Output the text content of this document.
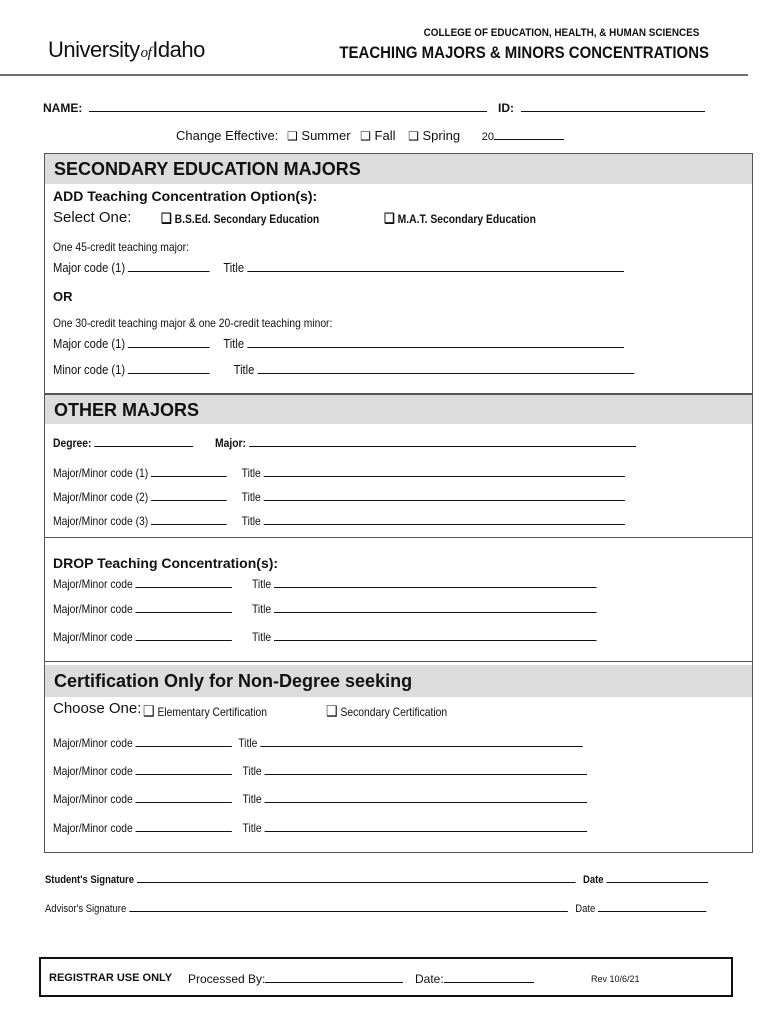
UniversityofIdaho
COLLEGE OF EDUCATION, HEALTH, & HUMAN SCIENCES
TEACHING MAJORS & MINORS CONCENTRATIONS
NAME:	ID:
Change Effective: ❑ Summer ❑ Fall ❑ Spring 20
SECONDARY EDUCATION MAJORS
ADD Teaching Concentration Option(s):
Select One: ❑ B.S.Ed. Secondary Education	❑ M.A.T. Secondary Education
One 45-credit teaching major:
Major code (1)	Title
OR
One 30-credit teaching major & one 20-credit teaching minor:
Major code (1)	Title
Minor code (1)	Title
OTHER MAJORS
Degree:	Major:
Major/Minor code (1)	Title
Major/Minor code (2)	Title
Major/Minor code (3)	Title
DROP Teaching Concentration(s):
Major/Minor code	Title
Major/Minor code	Title
Major/Minor code	Title
Certification Only for Non-Degree seeking
Choose One: ❑ Elementary Certification	❑ Secondary Certification
Major/Minor code	Title
Major/Minor code	Title
Major/Minor code	Title
Major/Minor code	Title
Student's Signature	Date
Advisor's Signature	Date
REGISTRAR USE ONLY Processed By:	Date:	Rev 10/6/21
